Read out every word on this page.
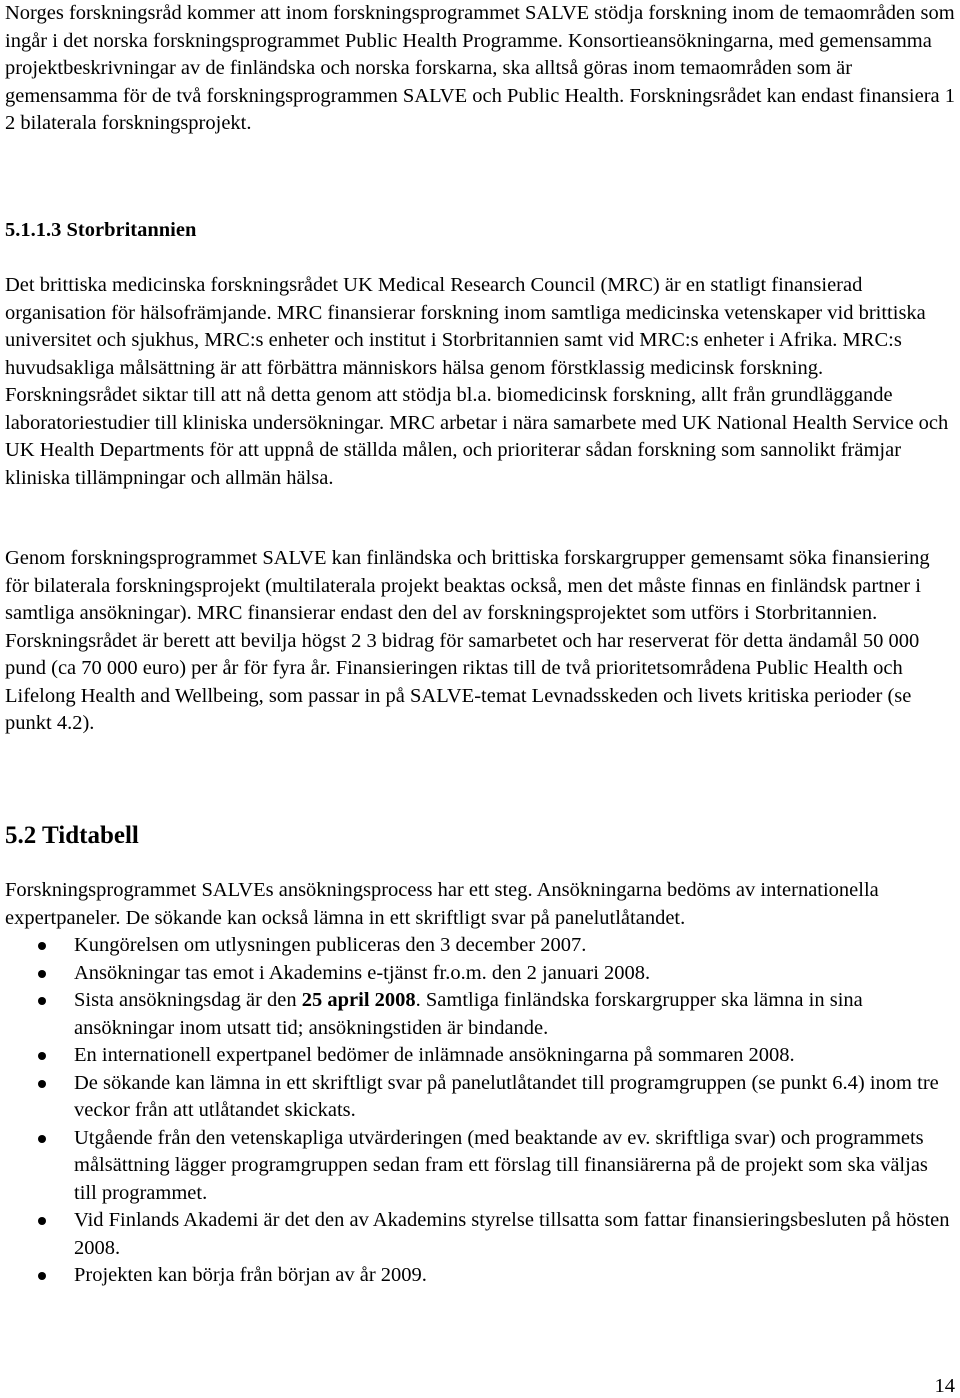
Norges forskningsråd kommer att inom forskningsprogrammet SALVE stödja forskning inom de temaområden som ingår i det norska forskningsprogrammet Public Health Programme. Konsortieansökningarna, med gemensamma projektbeskrivningar av de finländska och norska forskarna, ska alltså göras inom temaområden som är gemensamma för de två forskningsprogrammen SALVE och Public Health. Forskningsrådet kan endast finansiera 1 2 bilaterala forskningsprojekt.

5.1.1.3 Storbritannien

Det brittiska medicinska forskningsrådet UK Medical Research Council (MRC) är en statligt finansierad organisation för hälsofrämjande. MRC finansierar forskning inom samtliga medicinska vetenskaper vid brittiska universitet och sjukhus, MRC:s enheter och institut i Storbritannien samt vid MRC:s enheter i Afrika. MRC:s huvudsakliga målsättning är att förbättra människors hälsa genom förstklassig medicinsk forskning. Forskningsrådet siktar till att nå detta genom att stödja bl.a. biomedicinsk forskning, allt från grundläggande laboratoriestudier till kliniska undersökningar. MRC arbetar i nära samarbete med UK National Health Service och UK Health Departments för att uppnå de ställda målen, och prioriterar sådan forskning som sannolikt främjar kliniska tillämpningar och allmän hälsa.

Genom forskningsprogrammet SALVE kan finländska och brittiska forskargrupper gemensamt söka finansiering för bilaterala forskningsprojekt (multilaterala projekt beaktas också, men det måste finnas en finländsk partner i samtliga ansökningar). MRC finansierar endast den del av forskningsprojektet som utförs i Storbritannien. Forskningsrådet är berett att bevilja högst 2 3 bidrag för samarbetet och har reserverat för detta ändamål 50 000 pund (ca 70 000 euro) per år för fyra år. Finansieringen riktas till de två prioritetsområdena Public Health och Lifelong Health and Wellbeing, som passar in på SALVE-temat Levnadsskeden och livets kritiska perioder (se punkt 4.2).

5.2 Tidtabell

Forskningsprogrammet SALVEs ansökningsprocess har ett steg. Ansökningarna bedöms av internationella expertpaneler. De sökande kan också lämna in ett skriftligt svar på panelutlåtandet.

Kungörelsen om utlysningen publiceras den 3 december 2007.
Ansökningar tas emot i Akademins e-tjänst fr.o.m. den 2 januari 2008.
Sista ansökningsdag är den 25 april 2008. Samtliga finländska forskargrupper ska lämna in sina ansökningar inom utsatt tid; ansökningstiden är bindande.
En internationell expertpanel bedömer de inlämnade ansökningarna på sommaren 2008.
De sökande kan lämna in ett skriftligt svar på panelutlåtandet till programgruppen (se punkt 6.4) inom tre veckor från att utlåtandet skickats.
Utgående från den vetenskapliga utvärderingen (med beaktande av ev. skriftliga svar) och programmets målsättning lägger programgruppen sedan fram ett förslag till finansiärerna på de projekt som ska väljas till programmet.
Vid Finlands Akademi är det den av Akademins styrelse tillsatta som fattar finansieringsbesluten på hösten 2008.
Projekten kan börja från början av år 2009.
14
